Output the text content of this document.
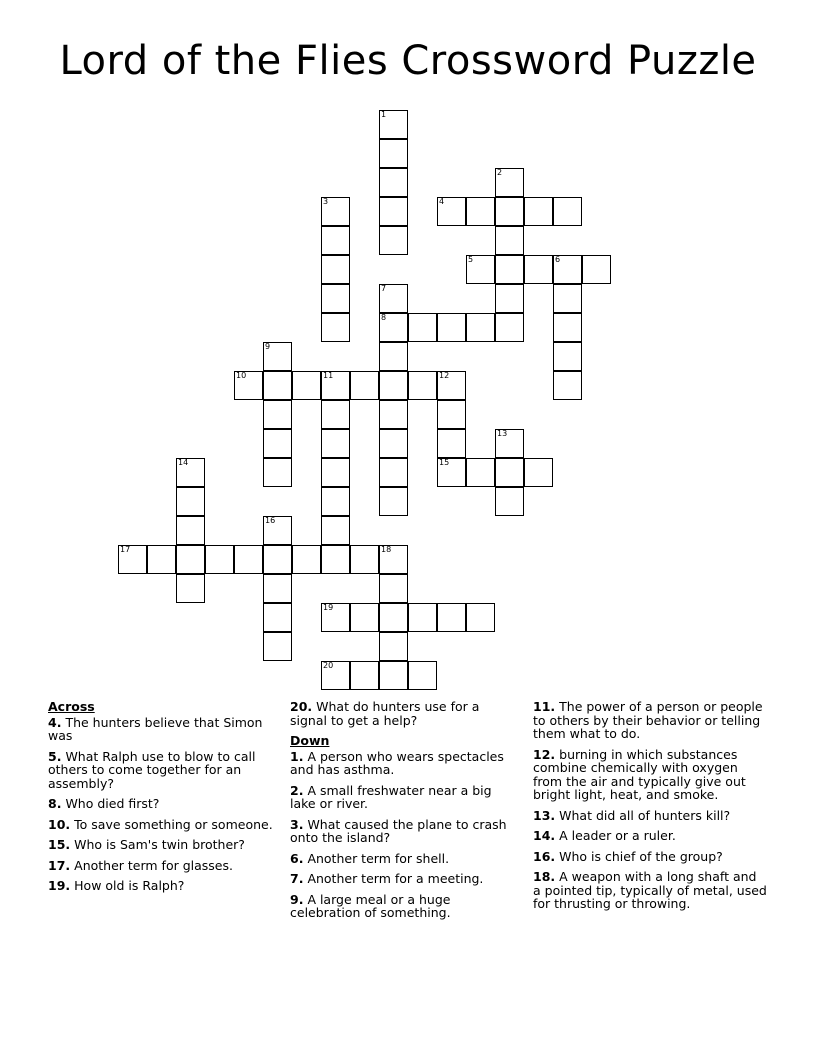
Lord of the Flies Crossword Puzzle
1
2
3	4
5	6
7
8
9
10	11	12
15
13
14
16
17	18
19
20
Across
4. The hunters believe that Simon was
5. What Ralph use to blow to call others to come together for an assembly?
8. Who died first?
10. To save something or someone.
15. Who is Sam's twin brother?
17. Another term for glasses.
19. How old is Ralph?
20. What do hunters use for a signal to get a help?
Down
1. A person who wears spectacles and has asthma.
2. A small freshwater near a big lake or river.
3. What caused the plane to crash onto the island?
6. Another term for shell.
7. Another term for a meeting.
9. A large meal or a huge celebration of something.
11. The power of a person or people to others by their behavior or telling them what to do.
12. burning in which substances combine chemically with oxygen from the air and typically give out bright light, heat, and smoke.
13. What did all of hunters kill?
14. A leader or a ruler.
16. Who is chief of the group?
18. A weapon with a long shaft and a pointed tip, typically of metal, used for thrusting or throwing.
